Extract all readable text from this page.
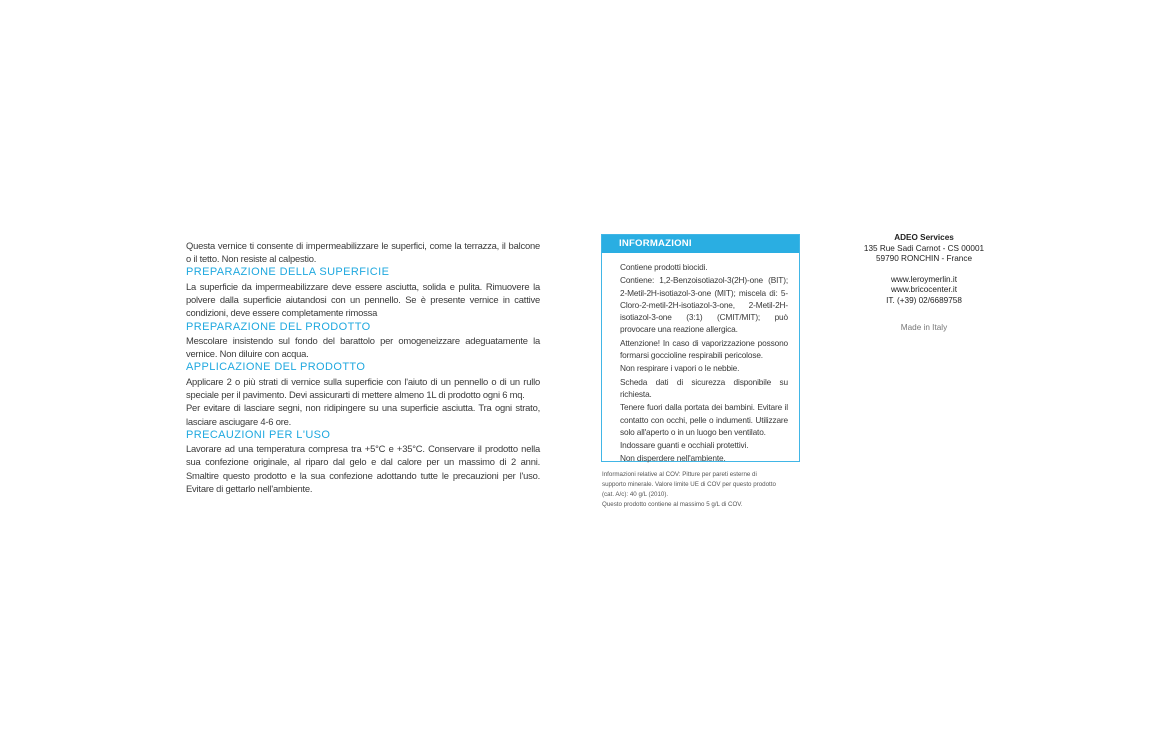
Questa vernice ti consente di impermeabilizzare le superfici, come la terrazza, il balcone o il tetto. Non resiste al calpestio.

PREPARAZIONE DELLA SUPERFICIE

La superficie da impermeabilizzare deve essere asciutta, solida e pulita. Rimuovere la polvere dalla superficie aiutandosi con un pennello. Se è presente vernice in cattive condizioni, deve essere completamente rimossa

PREPARAZIONE DEL PRODOTTO

Mescolare insistendo sul fondo del barattolo per omogeneizzare adeguatamente la vernice. Non diluire con acqua.

APPLICAZIONE DEL PRODOTTO

Applicare 2 o più strati di vernice sulla superficie con l'aiuto di un pennello o di un rullo speciale per il pavimento. Devi assicurarti di mettere almeno 1L di prodotto ogni 6 mq.

Per evitare di lasciare segni, non ridipingere su una superficie asciutta. Tra ogni strato, lasciare asciugare 4-6 ore.

PRECAUZIONI PER L'USO

Lavorare ad una temperatura compresa tra +5°C e +35°C. Conservare il prodotto nella sua confezione originale, al riparo dal gelo e dal calore per un massimo di 2 anni. Smaltire questo prodotto e la sua confezione adottando tutte le precauzioni per l'uso. Evitare di gettarlo nell'ambiente.

INFORMAZIONI

Contiene prodotti biocidi.

Contiene: 1,2-Benzoisotiazol-3(2H)-one (BIT); 2-Metil-2H-isotiazol-3-one (MIT); miscela di: 5-Cloro-2-metil-2H-isotiazol-3-one, 2-Metil-2H-isotiazol-3-one (3:1) (CMIT/MIT); può provocare una reazione allergica.

Attenzione! In caso di vaporizzazione possono formarsi goccioline respirabili pericolose.

Non respirare i vapori o le nebbie.

Scheda dati di sicurezza disponibile su richiesta.

Tenere fuori dalla portata dei bambini. Evitare il contatto con occhi, pelle o indumenti. Utilizzare solo all'aperto o in un luogo ben ventilato.

Indossare guanti e occhiali protettivi.

Non disperdere nell'ambiente.

Informazioni relative al COV: Pitture per pareti esterne di supporto minerale. Valore limite UE di COV per questo prodotto (cat. A/c): 40 g/L (2010).

Questo prodotto contiene al massimo 5 g/L di COV.

ADEO Services
135 Rue Sadi Carnot - CS 00001
59790 RONCHIN - France
www.leroymerlin.it
www.bricocenter.it
IT. (+39) 02/6689758
Made in Italy
